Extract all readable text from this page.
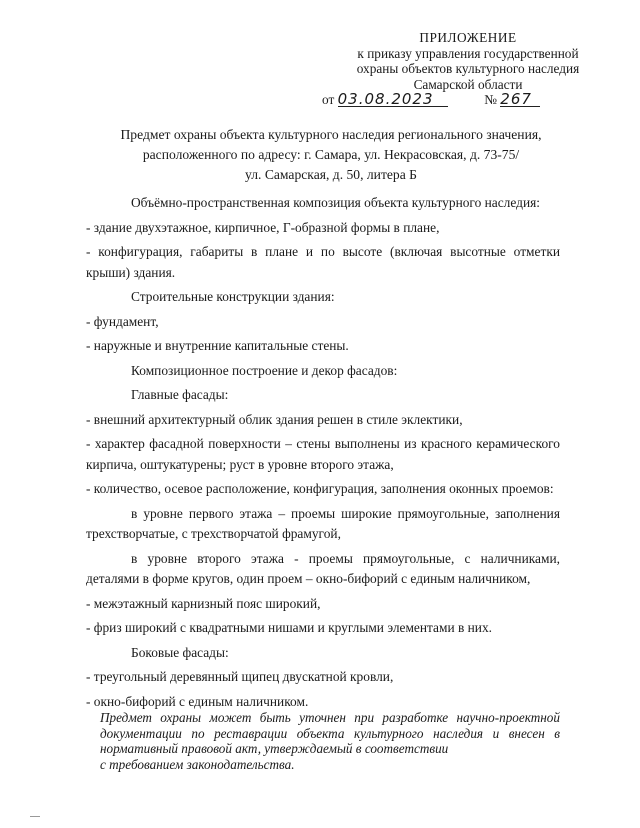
ПРИЛОЖЕНИЕ
к приказу управления государственной
охраны объектов культурного наследия
Самарской области
от 03.08.2023	№ 267
Предмет охраны объекта культурного наследия регионального значения,
расположенного по адресу: г. Самара, ул. Некрасовская, д. 73-75/
ул. Самарская, д. 50, литера Б

Объёмно-пространственная композиция объекта культурного наследия:

- здание двухэтажное, кирпичное, Г-образной формы в плане,

- конфигурация, габариты в плане и по высоте (включая высотные отметки крыши) здания.

Строительные конструкции здания:

- фундамент,

- наружные и внутренние капитальные стены.

Композиционное построение и декор фасадов:

Главные фасады:

- внешний архитектурный облик здания решен в стиле эклектики,

- характер фасадной поверхности – стены выполнены из красного керамического кирпича, оштукатурены; руст в уровне второго этажа,

- количество, осевое расположение, конфигурация, заполнения оконных проемов:

в уровне первого этажа – проемы широкие прямоугольные, заполнения трехстворчатые, с трехстворчатой фрамугой,

в уровне второго этажа - проемы прямоугольные, с наличниками, деталями в форме кругов, один проем – окно-бифорий с единым наличником,

- межэтажный карнизный пояс широкий,

- фриз широкий с квадратными нишами и круглыми элементами в них.

Боковые фасады:

- треугольный деревянный щипец двускатной кровли,

- окно-бифорий с единым наличником.

Предмет охраны может быть уточнен при разработке научно-проектной документации по реставрации объекта культурного наследия и внесен в нормативный правовой акт, утверждаемый в соответствии
с требованием законодательства.
